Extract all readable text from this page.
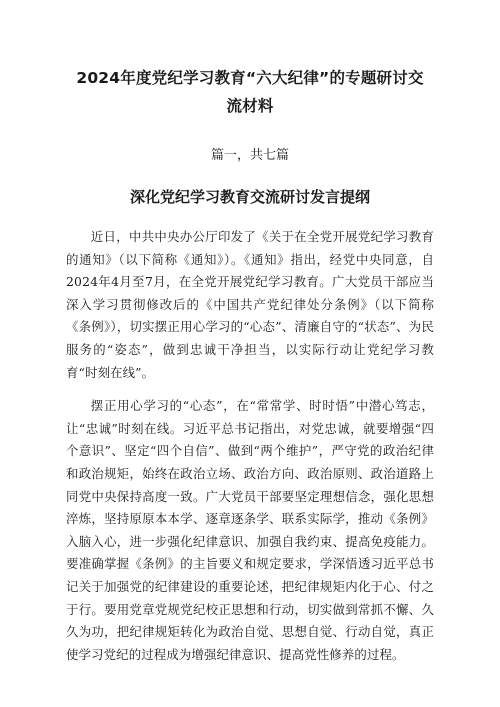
2024年度党纪学习教育“六大纪律”的专题研讨交流材料
篇一，共七篇
深化党纪学习教育交流研讨发言提纲

近日，中共中央办公厅印发了《关于在全党开展党纪学习教育的通知》（以下简称《通知》）。《通知》指出，经党中央同意，自2024年4月至7月，在全党开展党纪学习教育。广大党员干部应当深入学习贯彻修改后的《中国共产党纪律处分条例》（以下简称《条例》），切实摆正用心学习的“心态”、清廉自守的“状态”、为民服务的“姿态”，做到忠诚干净担当，以实际行动让党纪学习教育“时刻在线”。

摆正用心学习的“心态”，在“常常学、时时悟”中潜心笃志，让“忠诚”时刻在线。习近平总书记指出，对党忠诚，就要增强“四个意识”、坚定“四个自信”、做到“两个维护”，严守党的政治纪律和政治规矩，始终在政治立场、政治方向、政治原则、政治道路上同党中央保持高度一致。广大党员干部要坚定理想信念，强化思想淬炼，坚持原原本本学、逐章逐条学、联系实际学，推动《条例》入脑入心，进一步强化纪律意识、加强自我约束、提高免疫能力。要准确掌握《条例》的主旨要义和规定要求，学深悟透习近平总书记关于加强党的纪律建设的重要论述，把纪律规矩内化于心、付之于行。要用党章党规党纪校正思想和行动，切实做到常抓不懈、久久为功，把纪律规矩转化为政治自觉、思想自觉、行动自觉，真正使学习党纪的过程成为增强纪律意识、提高党性修养的过程。
